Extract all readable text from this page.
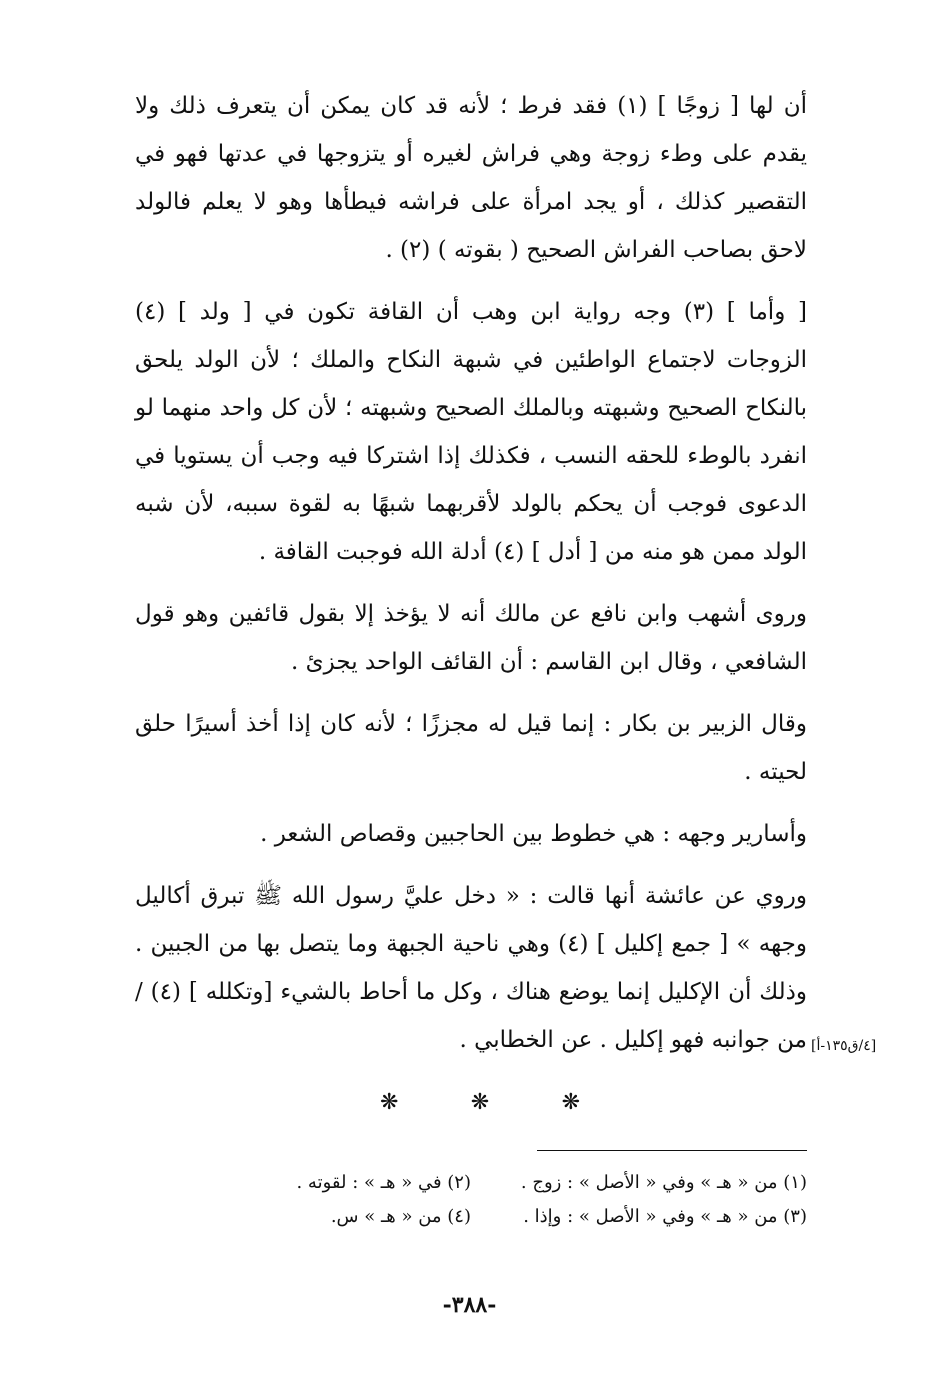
أن لها [ زوجًا ] (١) فقد فرط ؛ لأنه قد كان يمكن أن يتعرف ذلك ولا يقدم على وطء زوجة وهي فراش لغيره أو يتزوجها في عدتها فهو في التقصير كذلك ، أو يجد امرأة على فراشه فيطأها وهو لا يعلم فالولد لاحق بصاحب الفراش الصحيح ( بقوته ) (٢) .

[ وأما ] (٣) وجه رواية ابن وهب أن القافة تكون في [ ولد ] (٤) الزوجات لاجتماع الواطئين في شبهة النكاح والملك ؛ لأن الولد يلحق بالنكاح الصحيح وشبهته وبالملك الصحيح وشبهته ؛ لأن كل واحد منهما لو انفرد بالوطء للحقه النسب ، فكذلك إذا اشتركا فيه وجب أن يستويا في الدعوى فوجب أن يحكم بالولد لأقربهما شبهًا به لقوة سببه، لأن شبه الولد ممن هو منه من [ أدل ] (٤) أدلة الله فوجبت القافة .

وروى أشهب وابن نافع عن مالك أنه لا يؤخذ إلا بقول قائفين وهو قول الشافعي ، وقال ابن القاسم : أن القائف الواحد يجزئ .

وقال الزبير بن بكار : إنما قيل له مجززًا ؛ لأنه كان إذا أخذ أسيرًا حلق لحيته .

وأسارير وجهه : هي خطوط بين الحاجبين وقصاص الشعر .

وروي عن عائشة أنها قالت : « دخل عليَّ رسول الله ﷺ تبرق أكاليل وجهه » [ جمع إكليل ] (٤) وهي ناحية الجبهة وما يتصل بها من الجبين . وذلك أن الإكليل إنما يوضع هناك ، وكل ما أحاط بالشيء [وتكلله ] (٤) / من جوانبه فهو إكليل . عن الخطابي . [٤/ق١٣٥-أ]
❋
❋
❋
(١) من « هـ » وفي « الأصل » : زوج .
(٢) في « هـ » : لقوته .
(٣) من « هـ » وفي « الأصل » : وإذا .
(٤) من « هـ » س.
-٣٨٨-
